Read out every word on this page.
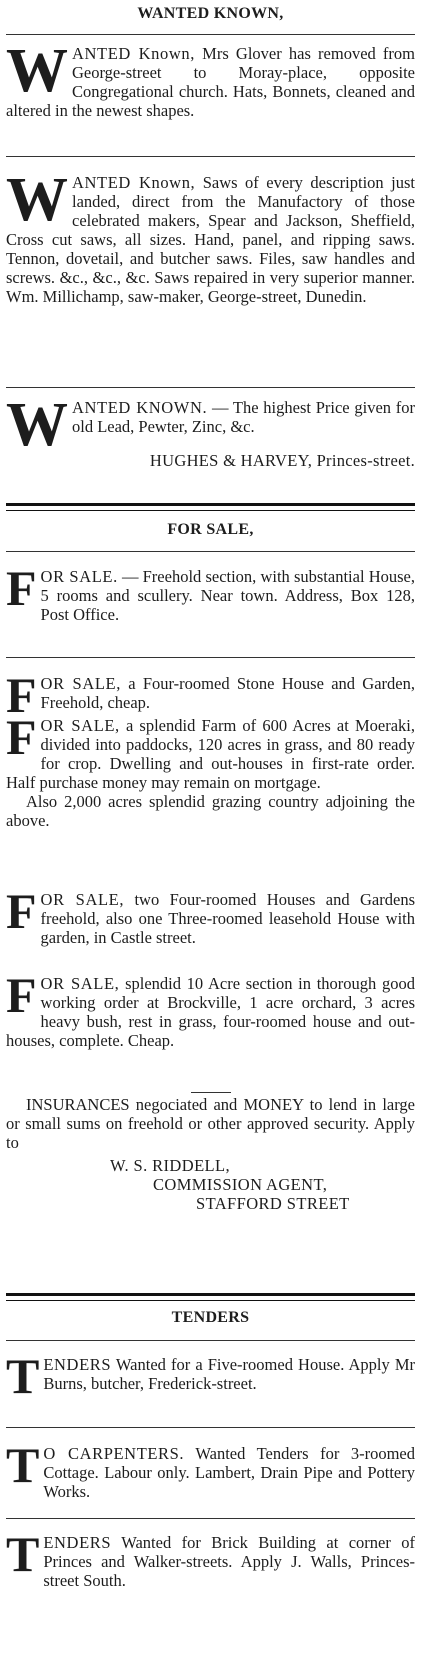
WANTED KNOWN,
W ANTED Known, Mrs Glover has removed from George-street to Moray-place, opposite Congregational church. Hats, Bonnets, cleaned and altered in the newest shapes.
W ANTED Known, Saws of every description just landed, direct from the Manufactory of those celebrated makers, Spear and Jackson, Sheffield, Cross cut saws, all sizes. Hand, panel, and ripping saws. Tennon, dovetail, and butcher saws. Files, saw handles and screws. &c., &c., &c. Saws repaired in very superior manner. Wm. Millichamp, saw-maker, George-street, Dunedin.
W ANTED KNOWN. — The highest Price given for old Lead, Pewter, Zinc, &c.
HUGHES & HARVEY, Princes-street.
FOR SALE,
F OR SALE. — Freehold section, with substantial House, 5 rooms and scullery. Near town. Address, Box 128, Post Office.
F OR SALE, a Four-roomed Stone House and Garden, Freehold, cheap.
F OR SALE, a splendid Farm of 600 Acres at Moeraki, divided into paddocks, 120 acres in grass, and 80 ready for crop. Dwelling and out-houses in first-rate order. Half purchase money may remain on mortgage.
Also 2,000 acres splendid grazing country adjoining the above.
F OR SALE, two Four-roomed Houses and Gardens freehold, also one Three-roomed leasehold House with garden, in Castle street.
F OR SALE, splendid 10 Acre section in thorough good working order at Brockville, 1 acre orchard, 3 acres heavy bush, rest in grass, four-roomed house and out-houses, complete. Cheap.
INSURANCES negociated and MONEY to lend in large or small sums on freehold or other approved security. Apply to
W. S. RIDDELL,
COMMISSION AGENT,
STAFFORD STREET
TENDERS
T ENDERS Wanted for a Five-roomed House. Apply Mr Burns, butcher, Frederick-street.
T O CARPENTERS. Wanted Tenders for 3-roomed Cottage. Labour only. Lambert, Drain Pipe and Pottery Works.
T ENDERS Wanted for Brick Building at corner of Princes and Walker-streets. Apply J. Walls, Princes-street South.
